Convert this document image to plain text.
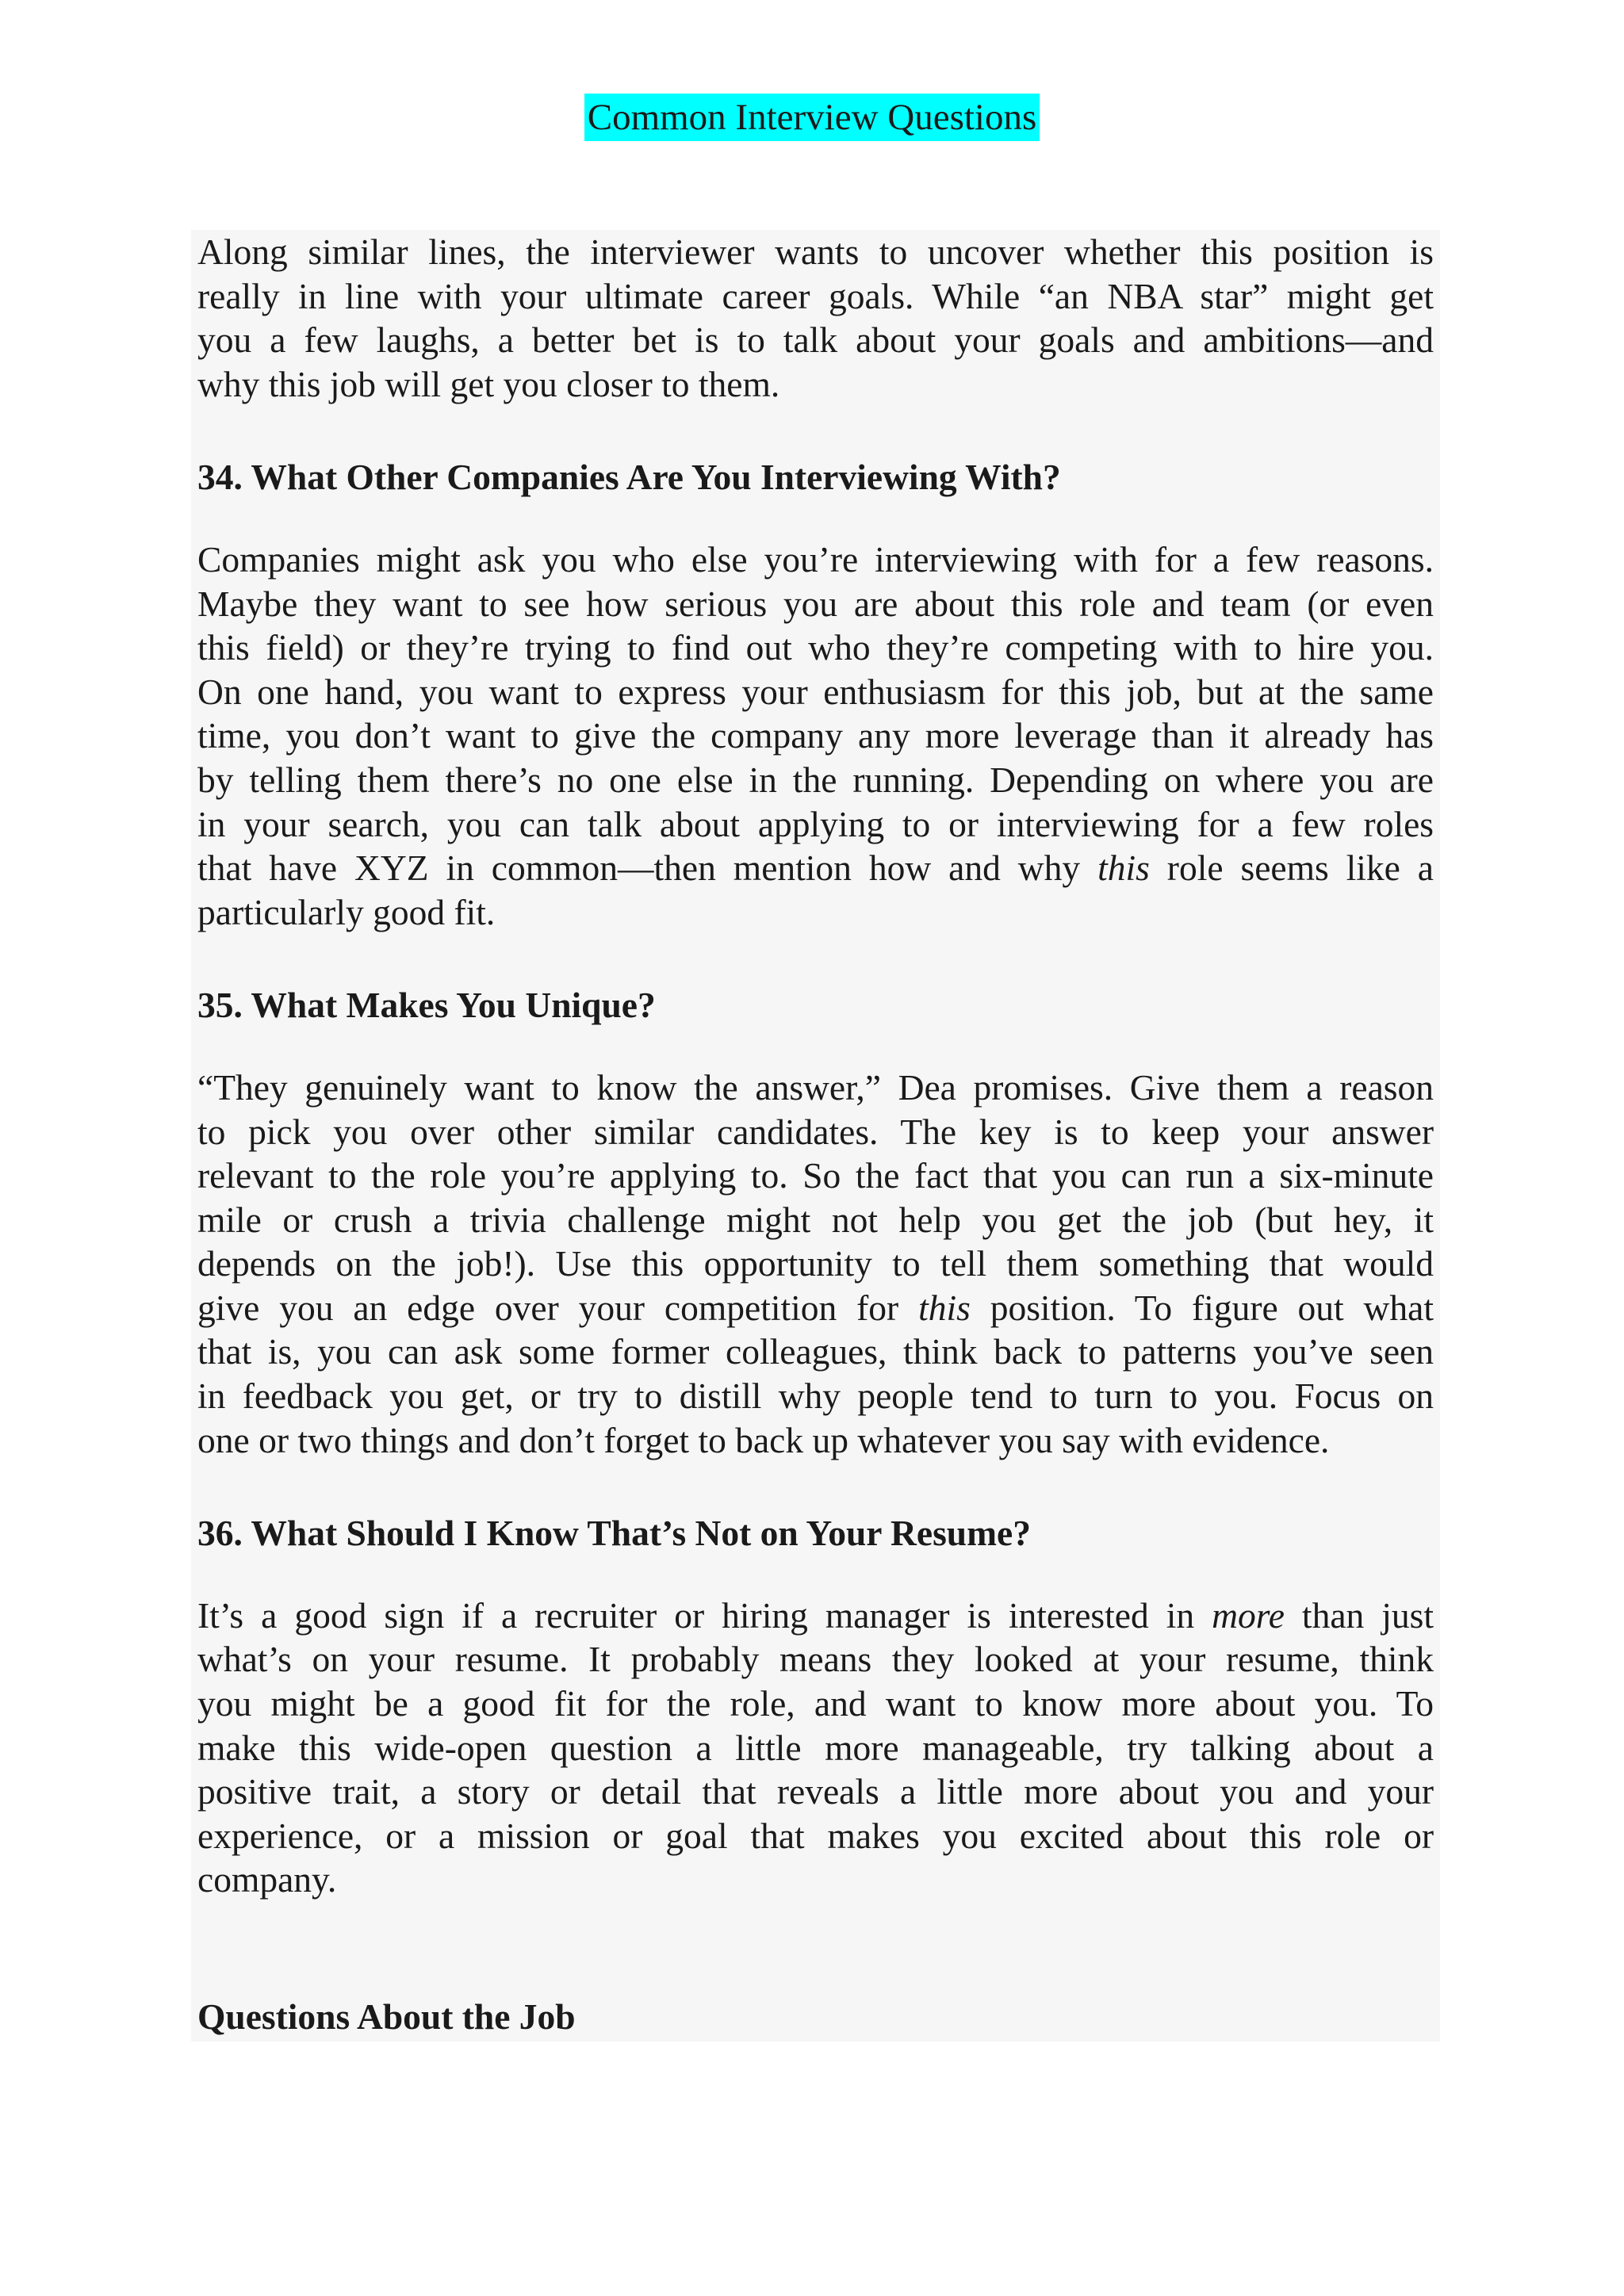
Common Interview Questions
Along similar lines, the interviewer wants to uncover whether this position is
really in line with your ultimate career goals. While “an NBA star” might get
you a few laughs, a better bet is to talk about your goals and ambitions—and
why this job will get you closer to them.
34. What Other Companies Are You Interviewing With?
Companies might ask you who else you’re interviewing with for a few reasons.
Maybe they want to see how serious you are about this role and team (or even
this field) or they’re trying to find out who they’re competing with to hire you.
On one hand, you want to express your enthusiasm for this job, but at the same
time, you don’t want to give the company any more leverage than it already has
by telling them there’s no one else in the running. Depending on where you are
in your search, you can talk about applying to or interviewing for a few roles
that have XYZ in common—then mention how and why this role seems like a
particularly good fit.
35. What Makes You Unique?
“They genuinely want to know the answer,” Dea promises. Give them a reason
to pick you over other similar candidates. The key is to keep your answer
relevant to the role you’re applying to. So the fact that you can run a six-minute
mile or crush a trivia challenge might not help you get the job (but hey, it
depends on the job!). Use this opportunity to tell them something that would
give you an edge over your competition for this position. To figure out what
that is, you can ask some former colleagues, think back to patterns you’ve seen
in feedback you get, or try to distill why people tend to turn to you. Focus on
one or two things and don’t forget to back up whatever you say with evidence.
36. What Should I Know That’s Not on Your Resume?
It’s a good sign if a recruiter or hiring manager is interested in more than just
what’s on your resume. It probably means they looked at your resume, think
you might be a good fit for the role, and want to know more about you. To
make this wide-open question a little more manageable, try talking about a
positive trait, a story or detail that reveals a little more about you and your
experience, or a mission or goal that makes you excited about this role or
company.
Questions About the Job
